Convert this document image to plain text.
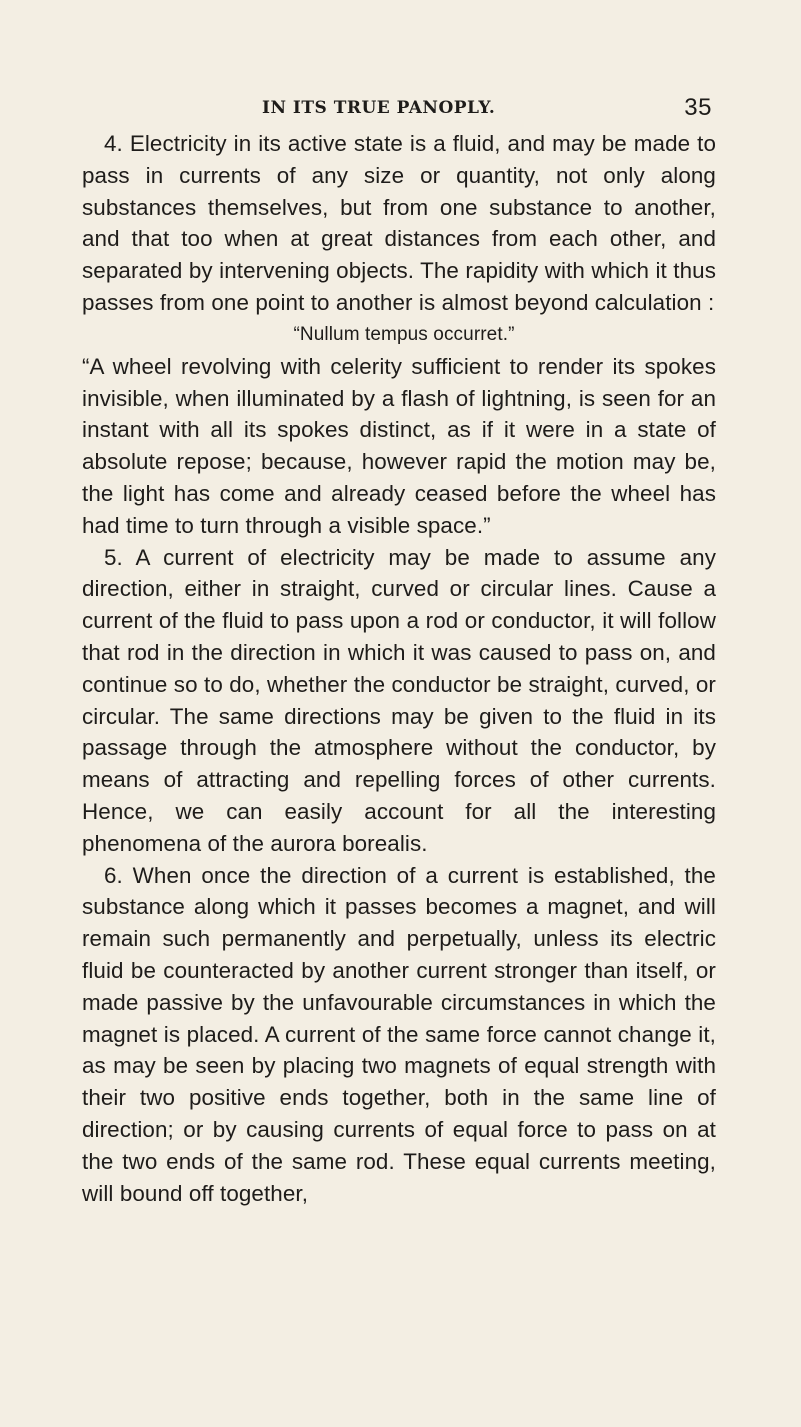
IN ITS TRUE PANOPLY.	35

4. Electricity in its active state is a fluid, and may be made to pass in currents of any size or quantity, not only along substances themselves, but from one substance to another, and that too when at great distances from each other, and separated by intervening objects. The rapidity with which it thus passes from one point to another is almost beyond calculation :

“Nullum tempus occurret.”

“A wheel revolving with celerity sufficient to render its spokes invisible, when illuminated by a flash of lightning, is seen for an instant with all its spokes distinct, as if it were in a state of absolute repose; because, however rapid the motion may be, the light has come and already ceased before the wheel has had time to turn through a visible space.”

5. A current of electricity may be made to assume any direction, either in straight, curved or circular lines. Cause a current of the fluid to pass upon a rod or conductor, it will follow that rod in the direction in which it was caused to pass on, and continue so to do, whether the conductor be straight, curved, or circular. The same directions may be given to the fluid in its passage through the atmosphere without the conductor, by means of attracting and repelling forces of other currents. Hence, we can easily account for all the interesting phenomena of the aurora borealis.

6. When once the direction of a current is established, the substance along which it passes becomes a magnet, and will remain such permanently and perpetually, unless its electric fluid be counteracted by another current stronger than itself, or made passive by the unfavourable circumstances in which the magnet is placed. A current of the same force cannot change it, as may be seen by placing two magnets of equal strength with their two positive ends together, both in the same line of direction; or by causing currents of equal force to pass on at the two ends of the same rod. These equal currents meeting, will bound off together,
